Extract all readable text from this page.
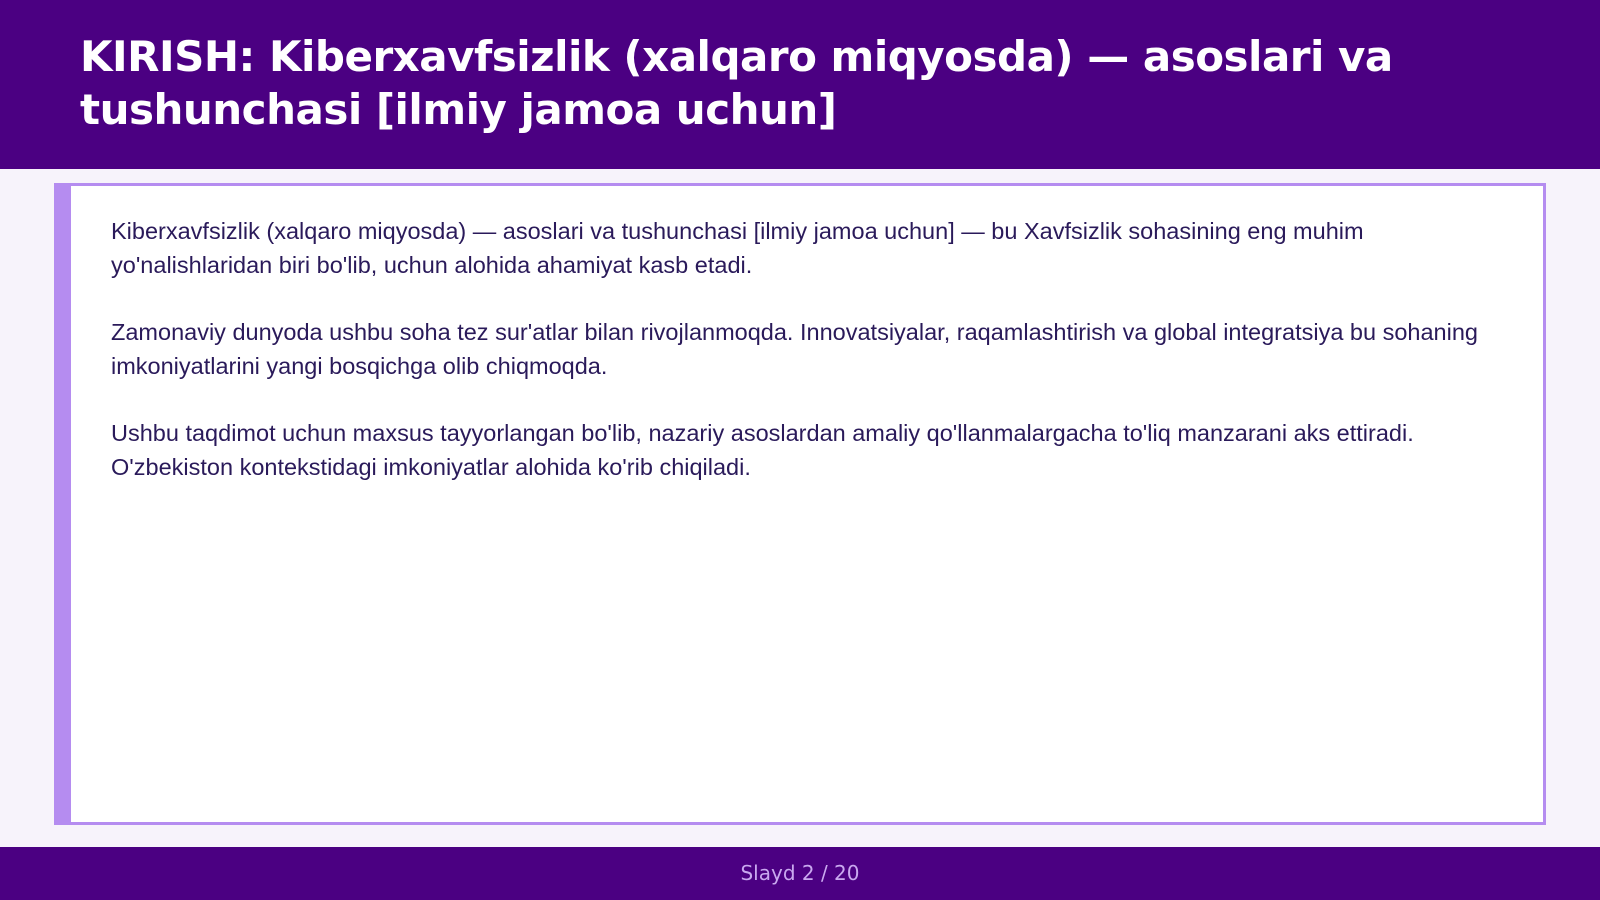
KIRISH: Kiberxavfsizlik (xalqaro miqyosda) — asoslari va tushunchasi [ilmiy jamoa uchun]

Kiberxavfsizlik (xalqaro miqyosda) — asoslari va tushunchasi [ilmiy jamoa uchun] — bu Xavfsizlik sohasining eng muhim yo'nalishlaridan biri bo'lib, uchun alohida ahamiyat kasb etadi.

Zamonaviy dunyoda ushbu soha tez sur'atlar bilan rivojlanmoqda. Innovatsiyalar, raqamlashtirish va global integratsiya bu sohaning imkoniyatlarini yangi bosqichga olib chiqmoqda.

Ushbu taqdimot uchun maxsus tayyorlangan bo'lib, nazariy asoslardan amaliy qo'llanmalargacha to'liq manzarani aks ettiradi. O'zbekiston kontekstidagi imkoniyatlar alohida ko'rib chiqiladi.

Slayd 2 / 20
